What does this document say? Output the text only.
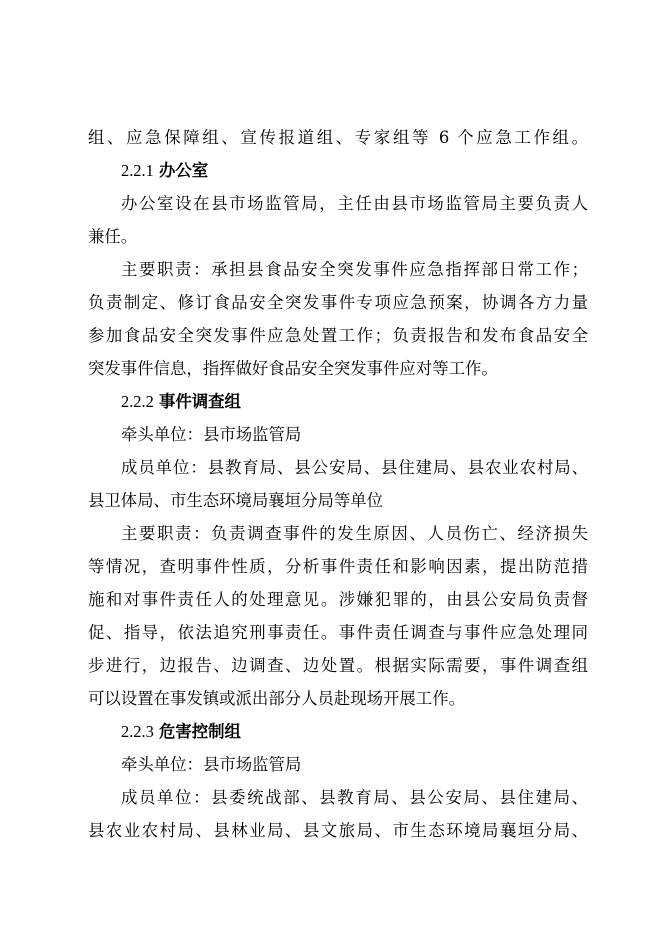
组、应急保障组、宣传报道组、专家组等 6 个应急工作组。
2.2.1 办公室
办公室设在县市场监管局，主任由县市场监管局主要负责人
兼任。
主要职责：承担县食品安全突发事件应急指挥部日常工作；
负责制定、修订食品安全突发事件专项应急预案，协调各方力量
参加食品安全突发事件应急处置工作；负责报告和发布食品安全
突发事件信息，指挥做好食品安全突发事件应对等工作。
2.2.2 事件调查组
牵头单位：县市场监管局
成员单位：县教育局、县公安局、县住建局、县农业农村局、
县卫体局、市生态环境局襄垣分局等单位
主要职责：负责调查事件的发生原因、人员伤亡、经济损失
等情况，查明事件性质，分析事件责任和影响因素，提出防范措
施和对事件责任人的处理意见。涉嫌犯罪的，由县公安局负责督
促、指导，依法追究刑事责任。事件责任调查与事件应急处理同
步进行，边报告、边调查、边处置。根据实际需要，事件调查组
可以设置在事发镇或派出部分人员赴现场开展工作。
2.2.3 危害控制组
牵头单位：县市场监管局
成员单位：县委统战部、县教育局、县公安局、县住建局、
县农业农村局、县林业局、县文旅局、市生态环境局襄垣分局、
